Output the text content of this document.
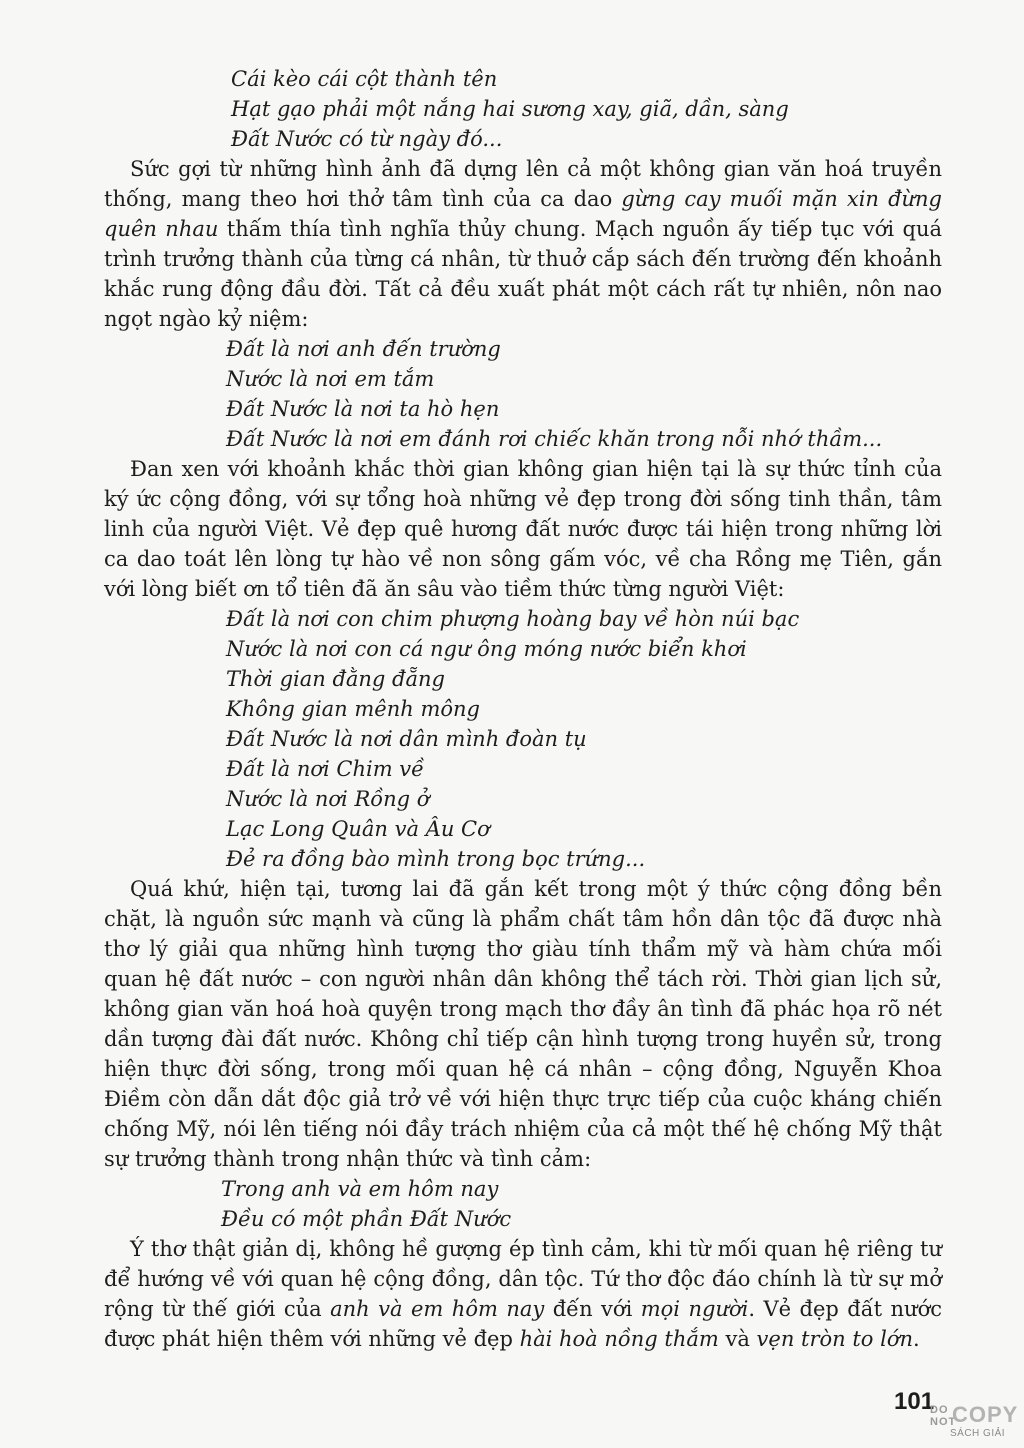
Cái kèo cái cột thành tên
Hạt gạo phải một nắng hai sương xay, giã, dần, sàng
Đất Nước có từ ngày đó...

Sức gợi từ những hình ảnh đã dựng lên cả một không gian văn hoá truyền thống, mang theo hơi thở tâm tình của ca dao gừng cay muối mặn xin đừng quên nhau thấm thía tình nghĩa thủy chung. Mạch nguồn ấy tiếp tục với quá trình trưởng thành của từng cá nhân, từ thuở cắp sách đến trường đến khoảnh khắc rung động đầu đời. Tất cả đều xuất phát một cách rất tự nhiên, nôn nao ngọt ngào kỷ niệm:

Đất là nơi anh đến trường
Nước là nơi em tắm
Đất Nước là nơi ta hò hẹn
Đất Nước là nơi em đánh rơi chiếc khăn trong nỗi nhớ thầm...

Đan xen với khoảnh khắc thời gian không gian hiện tại là sự thức tỉnh của ký ức cộng đồng, với sự tổng hoà những vẻ đẹp trong đời sống tinh thần, tâm linh của người Việt. Vẻ đẹp quê hương đất nước được tái hiện trong những lời ca dao toát lên lòng tự hào về non sông gấm vóc, về cha Rồng mẹ Tiên, gắn với lòng biết ơn tổ tiên đã ăn sâu vào tiềm thức từng người Việt:

Đất là nơi con chim phượng hoàng bay về hòn núi bạc
Nước là nơi con cá ngư ông móng nước biển khơi
Thời gian đằng đẵng
Không gian mênh mông
Đất Nước là nơi dân mình đoàn tụ
Đất là nơi Chim về
Nước là nơi Rồng ở
Lạc Long Quân và Âu Cơ
Đẻ ra đồng bào mình trong bọc trứng...

Quá khứ, hiện tại, tương lai đã gắn kết trong một ý thức cộng đồng bền chặt, là nguồn sức mạnh và cũng là phẩm chất tâm hồn dân tộc đã được nhà thơ lý giải qua những hình tượng thơ giàu tính thẩm mỹ và hàm chứa mối quan hệ đất nước – con người nhân dân không thể tách rời. Thời gian lịch sử, không gian văn hoá hoà quyện trong mạch thơ đầy ân tình đã phác họa rõ nét dần tượng đài đất nước. Không chỉ tiếp cận hình tượng trong huyền sử, trong hiện thực đời sống, trong mối quan hệ cá nhân – cộng đồng, Nguyễn Khoa Điềm còn dẫn dắt độc giả trở về với hiện thực trực tiếp của cuộc kháng chiến chống Mỹ, nói lên tiếng nói đầy trách nhiệm của cả một thế hệ chống Mỹ thật sự trưởng thành trong nhận thức và tình cảm:

Trong anh và em hôm nay
Đều có một phần Đất Nước

Ý thơ thật giản dị, không hề gượng ép tình cảm, khi từ mối quan hệ riêng tư để hướng về với quan hệ cộng đồng, dân tộc. Tứ thơ độc đáo chính là từ sự mở rộng từ thế giới của anh và em hôm nay đến với mọi người. Vẻ đẹp đất nước được phát hiện thêm với những vẻ đẹp hài hoà nồng thắm và vẹn tròn to lớn.

101
DO
NOT
COPY
SÁCH GIẢI
